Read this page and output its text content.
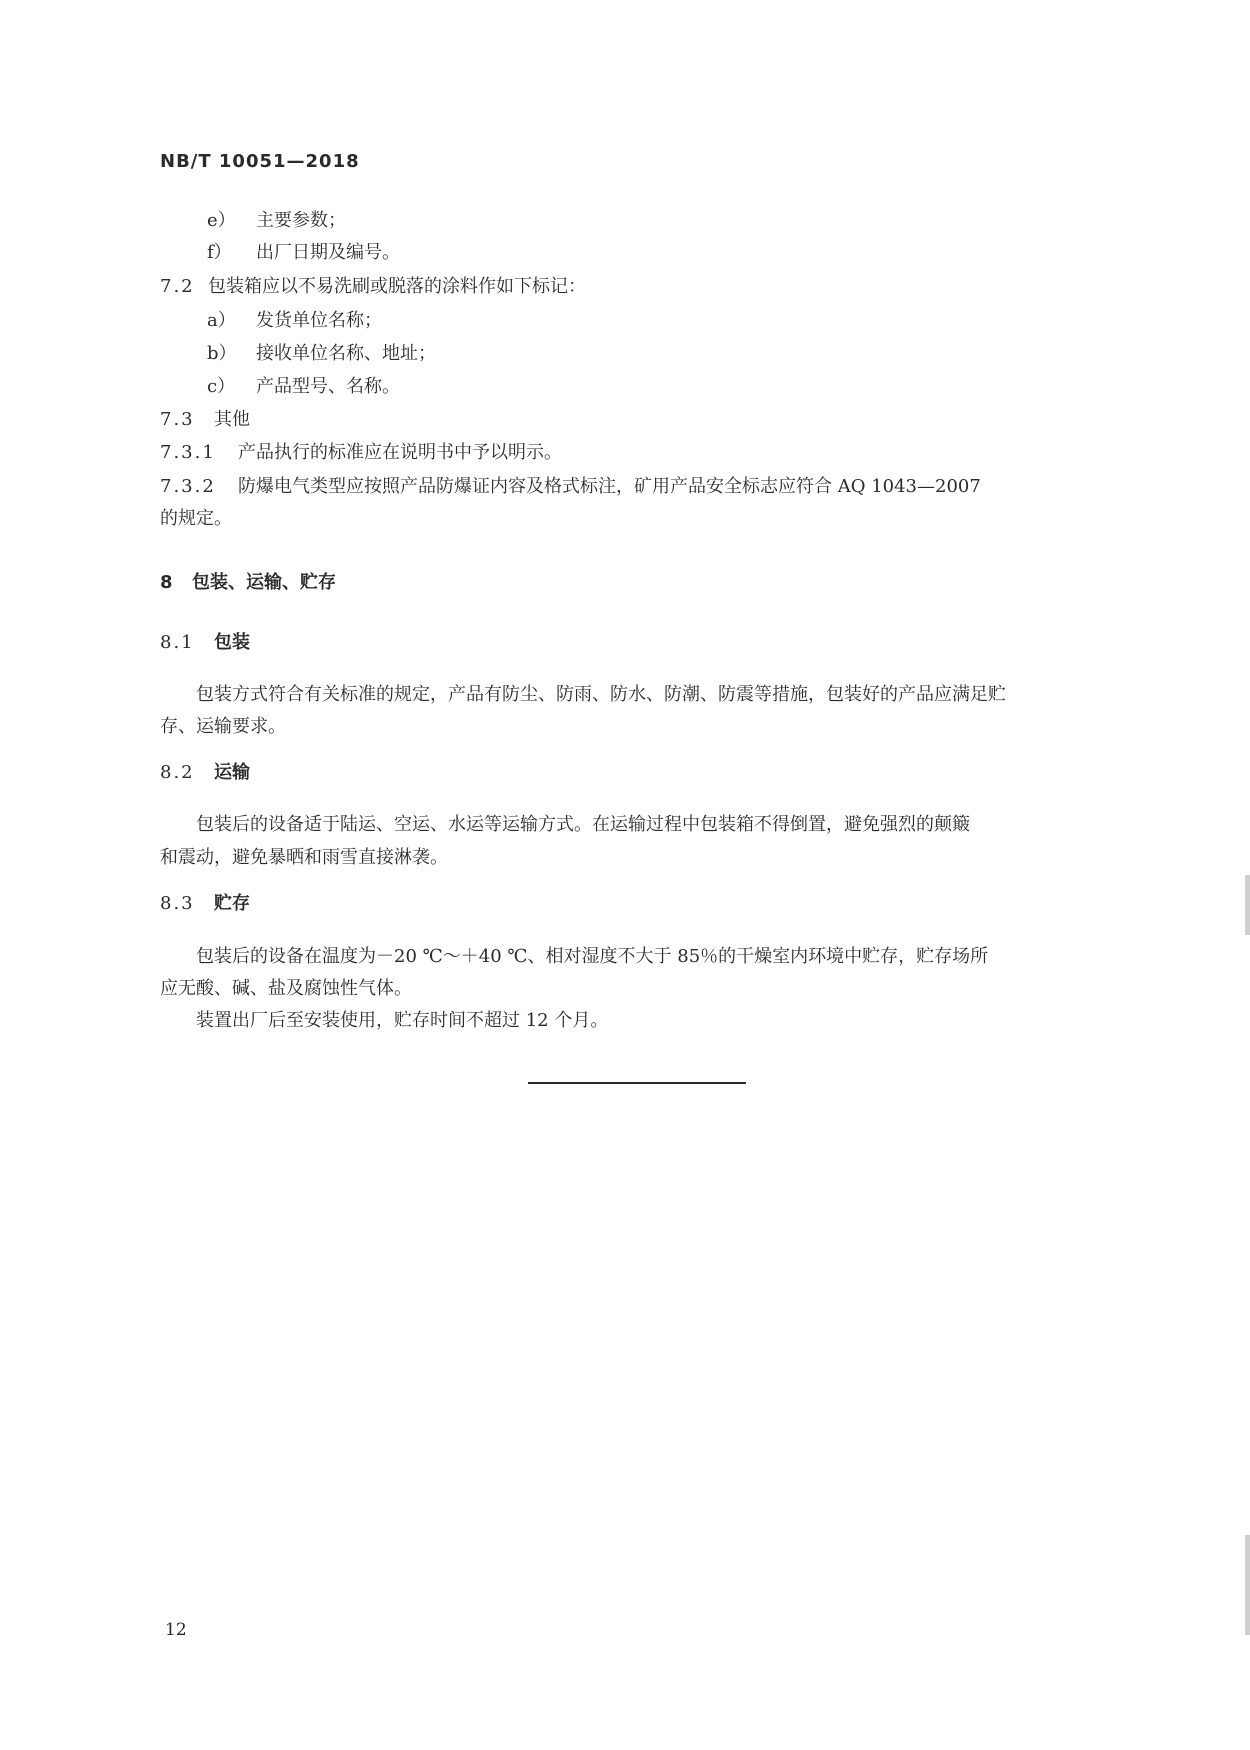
NB/T 10051—2018
e） 主要参数；
f） 出厂日期及编号。
7.2 包装箱应以不易洗刷或脱落的涂料作如下标记：
a） 发货单位名称；
b） 接收单位名称、地址；
c） 产品型号、名称。
7.3 其他
7.3.1 产品执行的标准应在说明书中予以明示。
7.3.2 防爆电气类型应按照产品防爆证内容及格式标注，矿用产品安全标志应符合 AQ 1043—2007
的规定。
8 包装、运输、贮存
8.1 包装
包装方式符合有关标准的规定，产品有防尘、防雨、防水、防潮、防震等措施，包装好的产品应满足贮
存、运输要求。
8.2 运输
包装后的设备适于陆运、空运、水运等运输方式。在运输过程中包装箱不得倒置，避免强烈的颠簸
和震动，避免暴晒和雨雪直接淋袭。
8.3 贮存
包装后的设备在温度为－20 ℃～＋40 ℃、相对湿度不大于 85％的干燥室内环境中贮存，贮存场所
应无酸、碱、盐及腐蚀性气体。
装置出厂后至安装使用，贮存时间不超过 12 个月。
12
